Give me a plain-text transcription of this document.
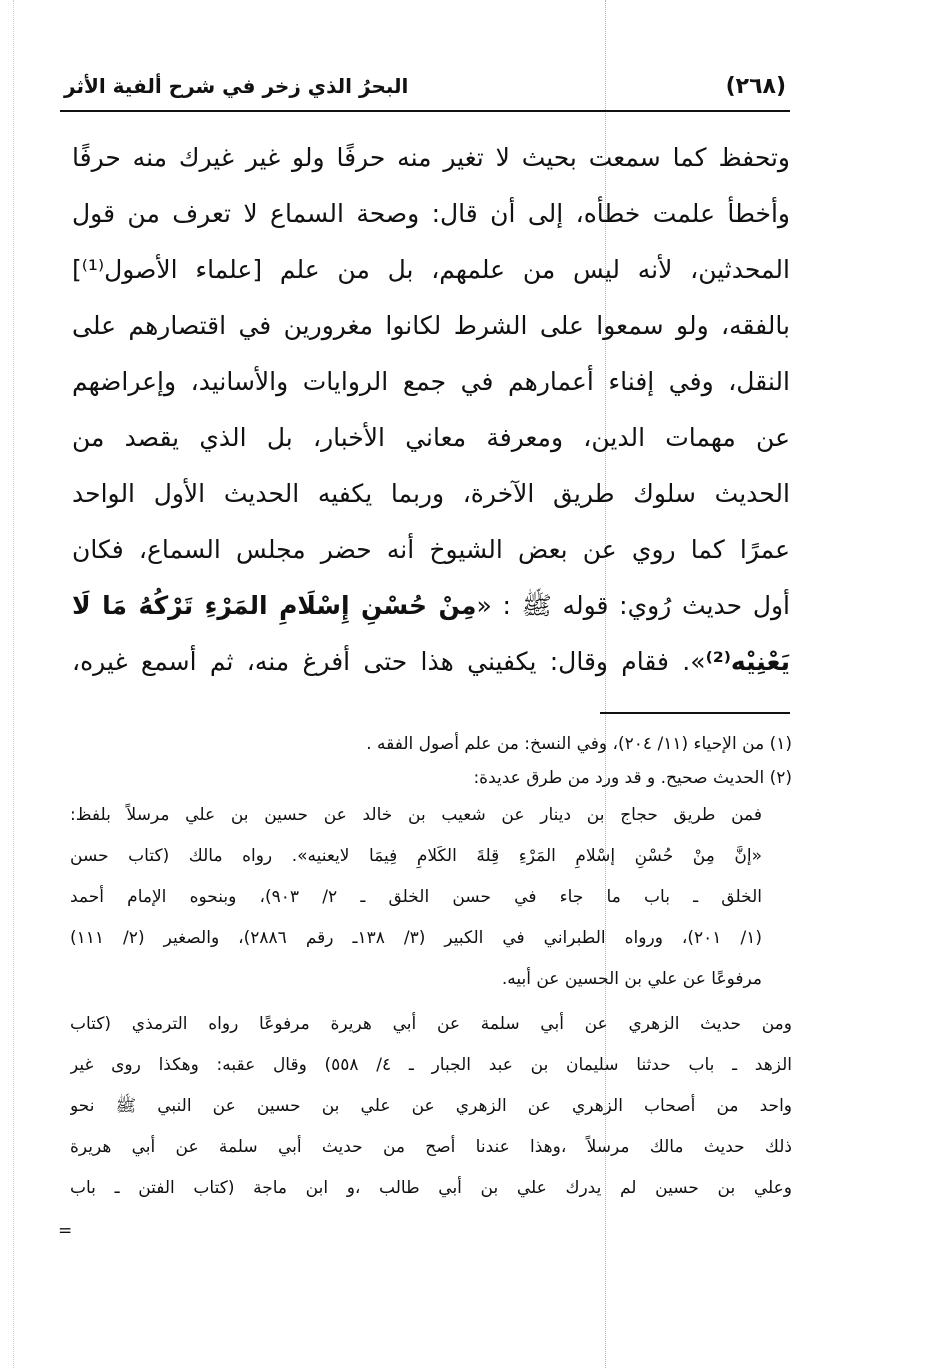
(٢٦٨)
البحرُ الذي زخر في شرح ألفية الأثر
وتحفظ كما سمعت بحيث لا تغير منه حرفًا ولو غير غيرك منه حرفًا
وأخطأ علمت خطأه، إلى أن قال: وصحة السماع لا تعرف من قول
المحدثين، لأنه ليس من علمهم، بل من علم [علماء الأصول⁽¹⁾]
بالفقه، ولو سمعوا على الشرط لكانوا مغرورين في اقتصارهم على
النقل، وفي إفناء أعمارهم في جمع الروايات والأسانيد، وإعراضهم
عن مهمات الدين، ومعرفة معاني الأخبار، بل الذي يقصد من
الحديث سلوك طريق الآخرة، وربما يكفيه الحديث الأول الواحد
عمرًا كما روي عن بعض الشيوخ أنه حضر مجلس السماع، فكان
أول حديث رُوي: قوله ﷺ : «مِنْ حُسْنِ إِسْلَامِ المَرْءِ تَرْكُهُ مَا لَا
يَعْنِيْه⁽²⁾». فقام وقال: يكفيني هذا حتى أفرغ منه، ثم أسمع غيره،
(١) من الإحياء (١١/ ٢٠٤)، وفي النسخ: من علم أصول الفقه .
(٢) الحديث صحيح. و قد ورد من طرق عديدة:
فمن طريق حجاج بن دينار عن شعيب بن خالد عن حسين بن علي مرسلاً بلفظ:
«إنَّ مِنْ حُسْنِ إسْلامِ المَرْءِ قِلةَ الكَلامِ فِيمَا لايعنيه». رواه مالك (كتاب حسن
الخلق ـ باب ما جاء في حسن الخلق ـ ٢/ ٩٠٣)، وبنحوه الإمام أحمد
(١/ ٢٠١)، ورواه الطبراني في الكبير (٣/ ١٣٨ـ رقم ٢٨٨٦)، والصغير (٢/ ١١١)
مرفوعًا عن علي بن الحسين عن أبيه.
ومن حديث الزهري عن أبي سلمة عن أبي هريرة مرفوعًا رواه الترمذي (كتاب
الزهد ـ باب حدثنا سليمان بن عبد الجبار ـ ٤/ ٥٥٨) وقال عقبه: وهكذا روى غير
واحد من أصحاب الزهري عن الزهري عن علي بن حسين عن النبي ﷺ نحو
ذلك حديث مالك مرسلاً ،وهذا عندنا أصح من حديث أبي سلمة عن أبي هريرة
وعلي بن حسين لم يدرك علي بن أبي طالب ،و ابن ماجة (كتاب الفتن ـ باب
=
